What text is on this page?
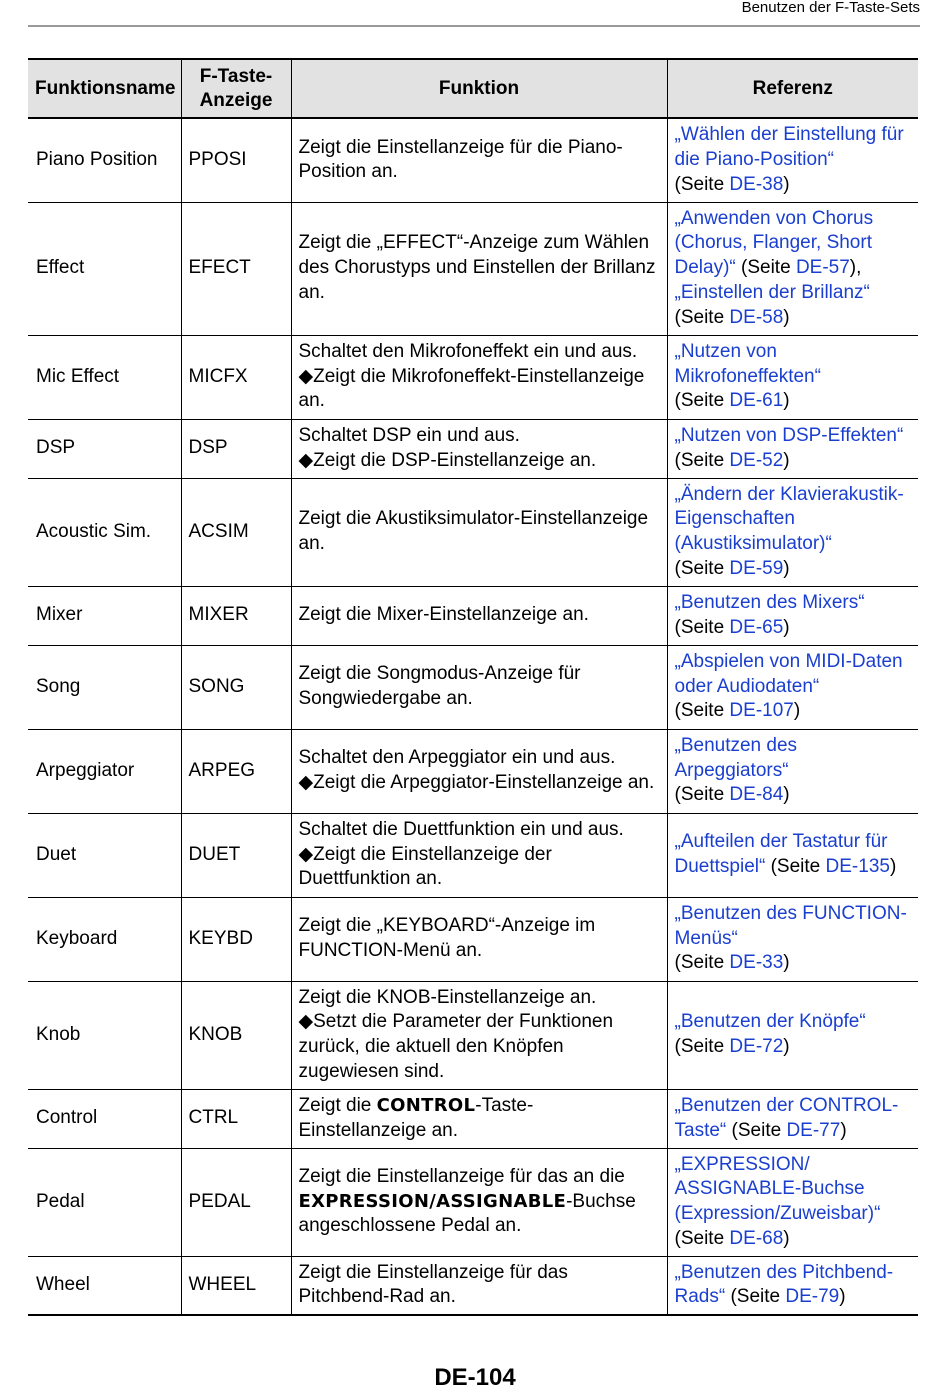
Benutzen der F-Taste-Sets
Funktionsname	F-Taste-Anzeige	Funktion	Referenz
Piano Position	PPOSI	Zeigt die Einstellanzeige für die Piano-Position an.	„Wählen der Einstellung für die Piano-Position“
(Seite DE-38)
Effect	EFECT	Zeigt die „EFFECT“-Anzeige zum Wählen des Chorustyps und Einstellen der Brillanz an.	„Anwenden von Chorus (Chorus, Flanger, Short Delay)“ (Seite DE-57),
„Einstellen der Brillanz“
(Seite DE-58)
Mic Effect	MICFX	Schaltet den Mikrofoneffekt ein und aus.
◆Zeigt die Mikrofoneffekt-Einstellanzeige an.	„Nutzen von Mikrofoneffekten“
(Seite DE-61)
DSP	DSP	Schaltet DSP ein und aus.
◆Zeigt die DSP-Einstellanzeige an.	„Nutzen von DSP-Effekten“
(Seite DE-52)
Acoustic Sim.	ACSIM	Zeigt die Akustiksimulator-Einstellanzeige an.	„Ändern der Klavierakustik-Eigenschaften (Akustiksimulator)“
(Seite DE-59)
Mixer	MIXER	Zeigt die Mixer-Einstellanzeige an.	„Benutzen des Mixers“
(Seite DE-65)
Song	SONG	Zeigt die Songmodus-Anzeige für Songwiedergabe an.	„Abspielen von MIDI-Daten oder Audiodaten“
(Seite DE-107)
Arpeggiator	ARPEG	Schaltet den Arpeggiator ein und aus.
◆Zeigt die Arpeggiator-Einstellanzeige an.	„Benutzen des Arpeggiators“
(Seite DE-84)
Duet	DUET	Schaltet die Duettfunktion ein und aus.
◆Zeigt die Einstellanzeige der Duettfunktion an.	„Aufteilen der Tastatur für Duettspiel“ (Seite DE-135)
Keyboard	KEYBD	Zeigt die „KEYBOARD“-Anzeige im FUNCTION-Menü an.	„Benutzen des FUNCTION-Menüs“
(Seite DE-33)
Knob	KNOB	Zeigt die KNOB-Einstellanzeige an.
◆Setzt die Parameter der Funktionen zurück, die aktuell den Knöpfen zugewiesen sind.	„Benutzen der Knöpfe“
(Seite DE-72)
Control	CTRL	Zeigt die CONTROL-Taste-Einstellanzeige an.	„Benutzen der CONTROL-Taste“ (Seite DE-77)
Pedal	PEDAL	Zeigt die Einstellanzeige für das an die EXPRESSION/ASSIGNABLE-Buchse angeschlossene Pedal an.	„EXPRESSION/ ASSIGNABLE-Buchse (Expression/Zuweisbar)“
(Seite DE-68)
Wheel	WHEEL	Zeigt die Einstellanzeige für das Pitchbend-Rad an.	„Benutzen des Pitchbend-Rads“ (Seite DE-79)
DE-104
